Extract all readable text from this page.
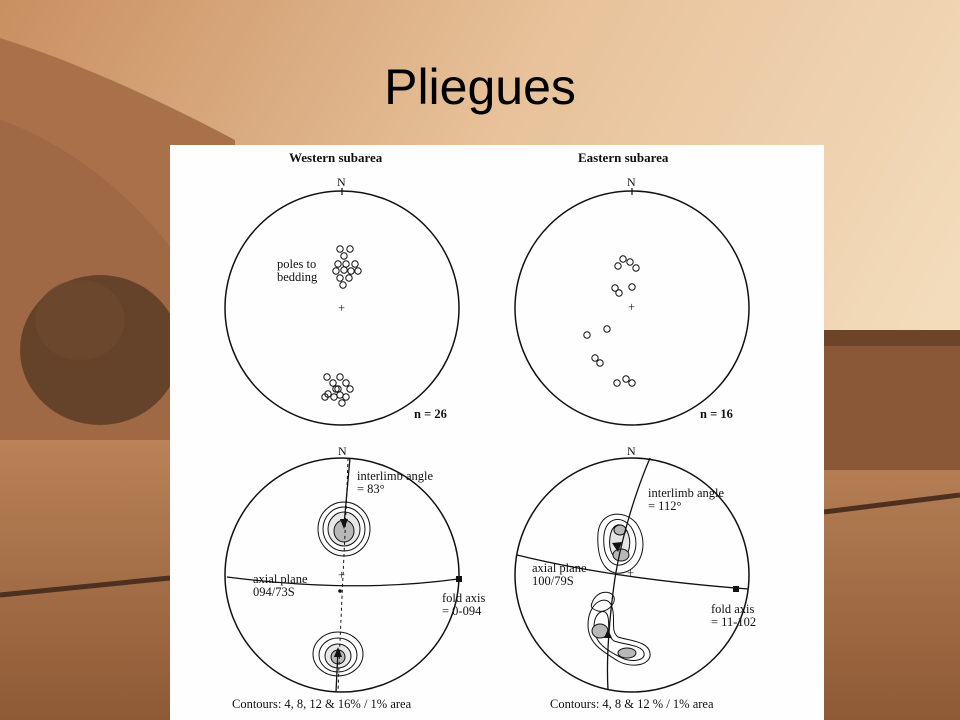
Pliegues
Western subarea
N
+
poles to
bedding
n = 26
Eastern subarea
N
+
n = 16
N
+
interlimb angle
= 83°
axial plane
094/73S	fold axis
= 0-094
Contours: 4, 8, 12 & 16% / 1% area
N
+
interlimb angle
= 112°
axial plane
100/79S
fold axis
= 11-102
Contours: 4, 8 & 12 % / 1% area
